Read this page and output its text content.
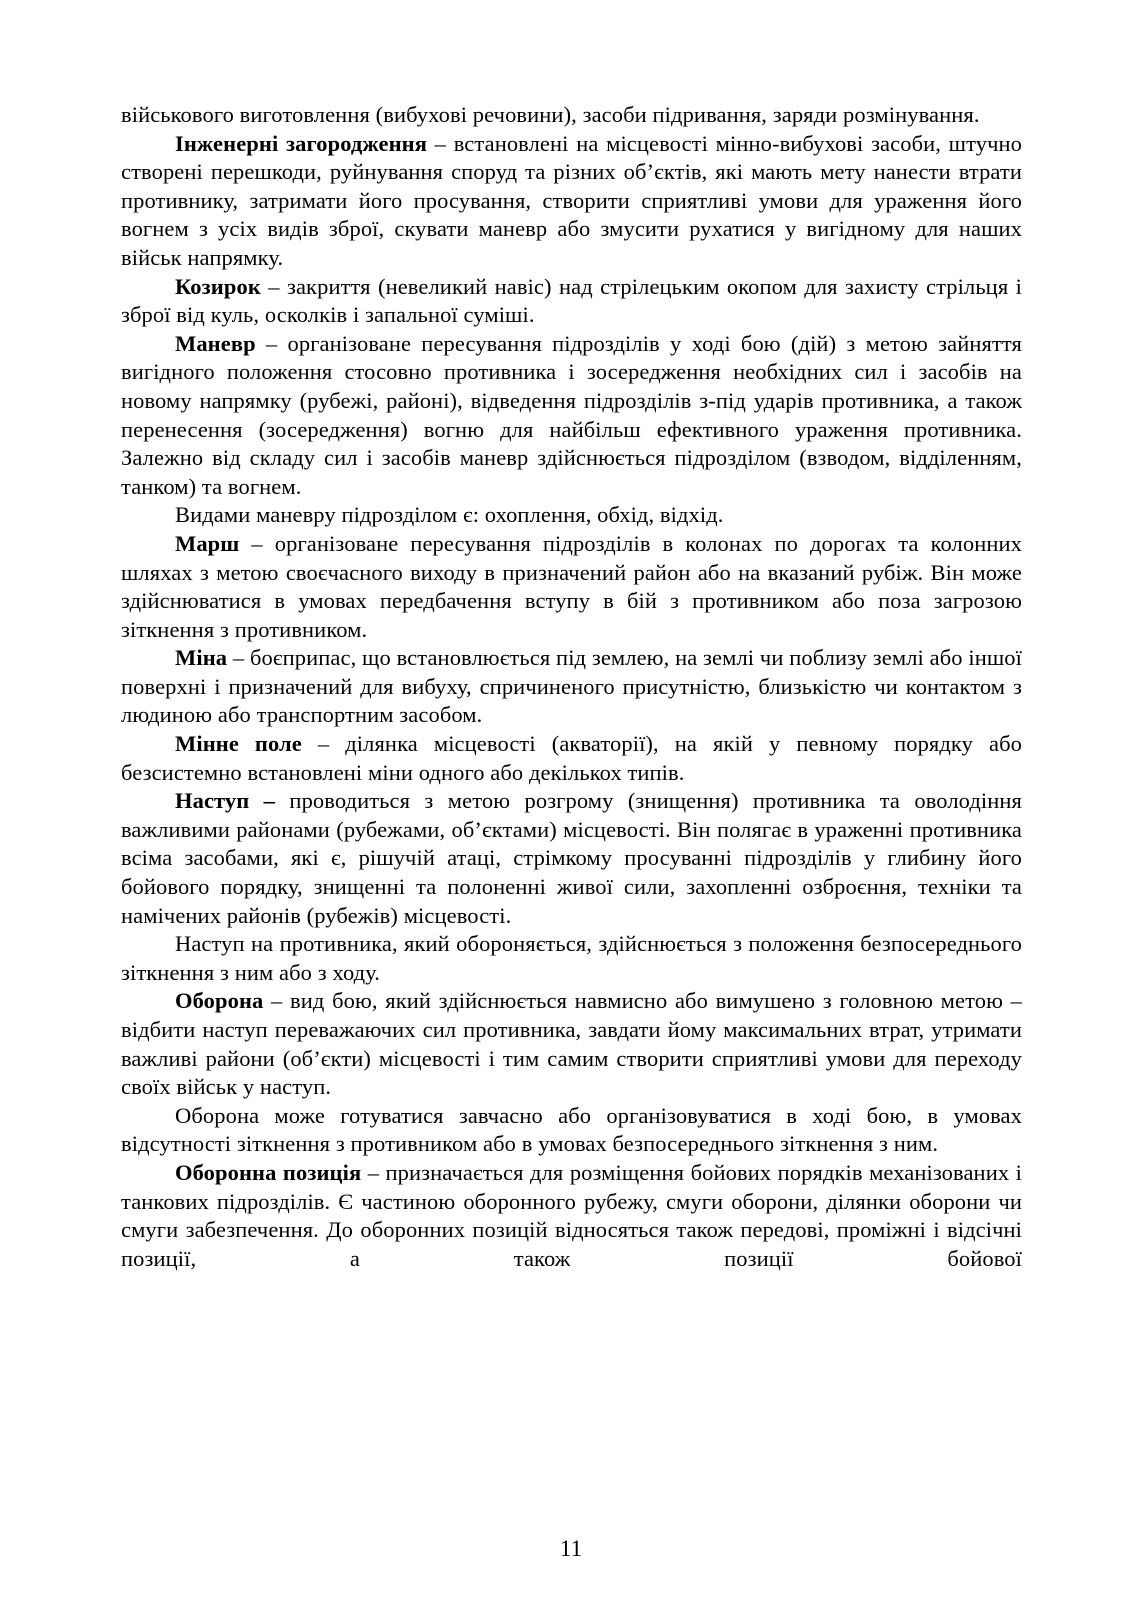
військового виготовлення (вибухові речовини), засоби підривання, заряди розмінування.

Інженерні загородження – встановлені на місцевості мінно-вибухові засоби, штучно створені перешкоди, руйнування споруд та різних об’єктів, які мають мету нанести втрати противнику, затримати його просування, створити сприятливі умови для ураження його вогнем з усіх видів зброї, скувати маневр або змусити рухатися у вигідному для наших військ напрямку.

Козирок – закриття (невеликий навіс) над стрілецьким окопом для захисту стрільця і зброї від куль, осколків і запальної суміші.

Маневр – організоване пересування підрозділів у ході бою (дій) з метою зайняття вигідного положення стосовно противника і зосередження необхідних сил і засобів на новому напрямку (рубежі, районі), відведення підрозділів з-під ударів противника, а також перенесення (зосередження) вогню для найбільш ефективного ураження противника. Залежно від складу сил і засобів маневр здійснюється підрозділом (взводом, відділенням, танком) та вогнем.

Видами маневру підрозділом є: охоплення, обхід, відхід.

Марш – організоване пересування підрозділів в колонах по дорогах та колонних шляхах з метою своєчасного виходу в призначений район або на вказаний рубіж. Він може здійснюватися в умовах передбачення вступу в бій з противником або поза загрозою зіткнення з противником.

Міна – боєприпас, що встановлюється під землею, на землі чи поблизу землі або іншої поверхні і призначений для вибуху, спричиненого присутністю, близькістю чи контактом з людиною або транспортним засобом.

Мінне поле – ділянка місцевості (акваторії), на якій у певному порядку або безсистемно встановлені міни одного або декількох типів.

Наступ – проводиться з метою розгрому (знищення) противника та оволодіння важливими районами (рубежами, об’єктами) місцевості. Він полягає в ураженні противника всіма засобами, які є, рішучій атаці, стрімкому просуванні підрозділів у глибину його бойового порядку, знищенні та полоненні живої сили, захопленні озброєння, техніки та намічених районів (рубежів) місцевості.

Наступ на противника, який обороняється, здійснюється з положення безпосереднього зіткнення з ним або з ходу.

Оборона – вид бою, який здійснюється навмисно або вимушено з головною метою – відбити наступ переважаючих сил противника, завдати йому максимальних втрат, утримати важливі райони (об’єкти) місцевості і тим самим створити сприятливі умови для переходу своїх військ у наступ.

Оборона може готуватися завчасно або організовуватися в ході бою, в умовах відсутності зіткнення з противником або в умовах безпосереднього зіткнення з ним.

Оборонна позиція – призначається для розміщення бойових порядків механізованих і танкових підрозділів. Є частиною оборонного рубежу, смуги оборони, ділянки оборони чи смуги забезпечення. До оборонних позицій відносяться також передові, проміжні і відсічні позиції, а також позиції бойової

11
